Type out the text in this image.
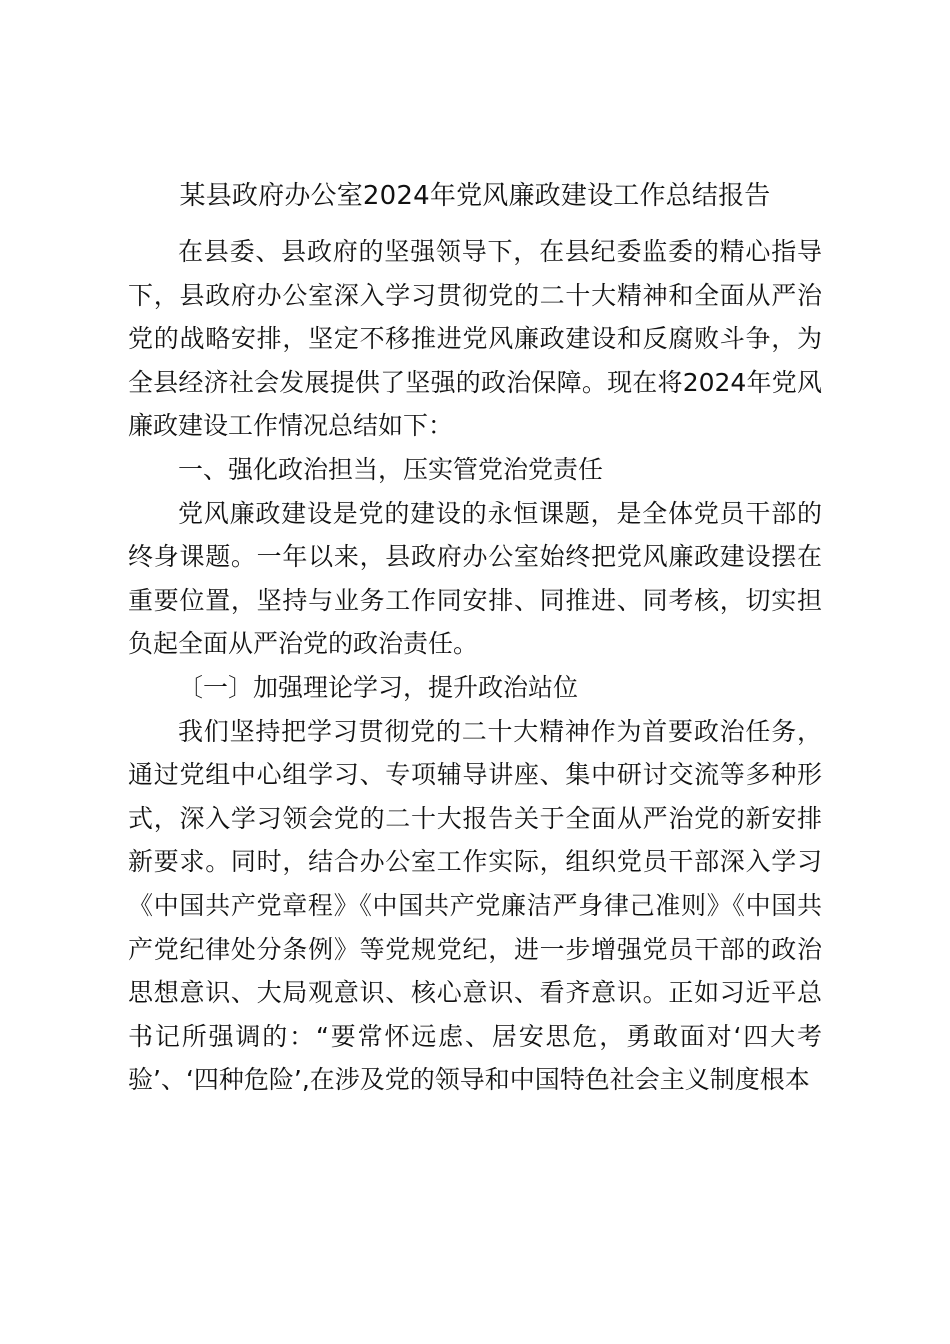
某县政府办公室2024年党风廉政建设工作总结报告

在县委、县政府的坚强领导下，在县纪委监委的精心指导下，县政府办公室深入学习贯彻党的二十大精神和全面从严治党的战略安排，坚定不移推进党风廉政建设和反腐败斗争，为全县经济社会发展提供了坚强的政治保障。现在将2024年党风廉政建设工作情况总结如下：

一、强化政治担当，压实管党治党责任

党风廉政建设是党的建设的永恒课题，是全体党员干部的终身课题。一年以来，县政府办公室始终把党风廉政建设摆在重要位置，坚持与业务工作同安排、同推进、同考核，切实担负起全面从严治党的政治责任。

〔一〕加强理论学习，提升政治站位

我们坚持把学习贯彻党的二十大精神作为首要政治任务，通过党组中心组学习、专项辅导讲座、集中研讨交流等多种形式，深入学习领会党的二十大报告关于全面从严治党的新安排新要求。同时，结合办公室工作实际，组织党员干部深入学习《中国共产党章程》《中国共产党廉洁严身律己准则》《中国共产党纪律处分条例》等党规党纪，进一步增强党员干部的政治思想意识、大局观意识、核心意识、看齐意识。正如习近平总书记所强调的：“要常怀远虑、居安思危，勇敢面对‘四大考验’、‘四种危险’,在涉及党的领导和中国特色社会主义制度根本
